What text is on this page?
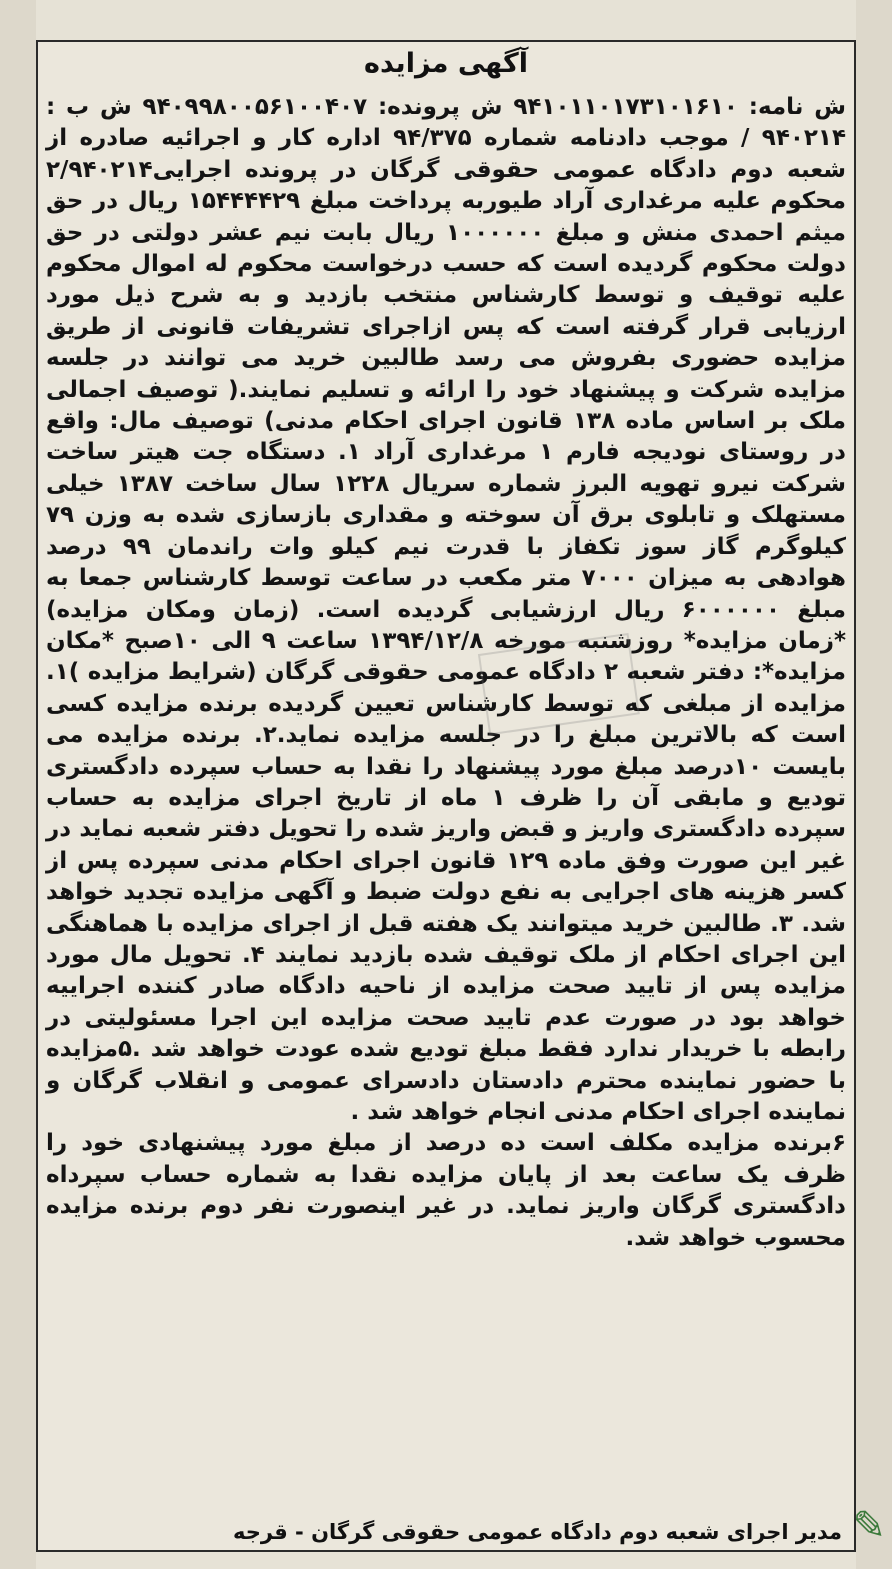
آگهی مزایده

ش نامه: ۹۴۱۰۱۱۰۱۷۳۱۰۱۶۱۰ ش پرونده: ۹۴۰۹۹۸۰۰۵۶۱۰۰۴۰۷ ش ب : ۹۴۰۲۱۴ / موجب دادنامه شماره ۹۴/۳۷۵ اداره کار و اجرائیه صادره از شعبه دوم دادگاه عمومی حقوقی گرگان در پرونده اجرایی۲/۹۴۰۲۱۴ محکوم علیه مرغداری آراد طیوربه پرداخت مبلغ ۱۵۴۴۴۴۲۹ ریال در حق میثم احمدی منش و مبلغ ۱۰۰۰۰۰۰ ریال بابت نیم عشر دولتی در حق دولت محکوم گردیده است که حسب درخواست محکوم له اموال محکوم علیه توقیف و توسط کارشناس منتخب بازدید و به شرح ذیل مورد ارزیابی قرار گرفته است که پس ازاجرای تشریفات قانونی از طریق مزایده حضوری بفروش می رسد طالبین خرید می توانند در جلسه مزایده شرکت و پیشنهاد خود را ارائه و تسلیم نمایند.( توصیف اجمالی ملک بر اساس ماده ۱۳۸ قانون اجرای احکام مدنی) توصیف مال: واقع در روستای نودیجه فارم ۱ مرغداری آراد ۱. دستگاه جت هیتر ساخت شرکت نیرو تهویه البرز شماره سریال ۱۲۲۸ سال ساخت ۱۳۸۷ خیلی مستهلک و تابلوی برق آن سوخته و مقداری بازسازی شده به وزن ۷۹ کیلوگرم گاز سوز تکفاز با قدرت نیم کیلو وات راندمان ۹۹ درصد هوادهی به میزان ۷۰۰۰ متر مکعب در ساعت توسط کارشناس جمعا به مبلغ ۶۰۰۰۰۰۰ ریال ارزشیابی گردیده است. (زمان ومکان مزایده) *زمان مزایده* روزشنبه مورخه ۱۳۹۴/۱۲/۸ ساعت ۹ الی ۱۰صبح *مکان مزایده*: دفتر شعبه ۲ دادگاه عمومی حقوقی گرگان (شرایط مزایده )۱. مزایده از مبلغی که توسط کارشناس تعیین گردیده برنده مزایده کسی است که بالاترین مبلغ را در جلسه مزایده نماید.۲. برنده مزایده می بایست ۱۰درصد مبلغ مورد پیشنهاد را نقدا به حساب سپرده دادگستری تودیع و مابقی آن را ظرف ۱ ماه از تاریخ اجرای مزایده به حساب سپرده دادگستری واریز و قبض واریز شده را تحویل دفتر شعبه نماید در غیر این صورت وفق ماده ۱۲۹ قانون اجرای احکام مدنی سپرده پس از کسر هزینه های اجرایی به نفع دولت ضبط و آگهی مزایده تجدید خواهد شد. ۳. طالبین خرید میتوانند یک هفته قبل از اجرای مزایده با هماهنگی این اجرای احکام از ملک توقیف شده بازدید نمایند ۴. تحویل مال مورد مزایده پس از تایید صحت مزایده از ناحیه دادگاه صادر کننده اجراییه خواهد بود در صورت عدم تایید صحت مزایده این اجرا مسئولیتی در رابطه با خریدار ندارد فقط مبلغ تودیع شده عودت خواهد شد .۵مزایده با حضور نماینده محترم دادستان دادسرای عمومی و انقلاب گرگان و نماینده اجرای احکام مدنی انجام خواهد شد .

۶برنده مزایده مکلف است ده درصد از مبلغ مورد پیشنهادی خود را ظرف یک ساعت بعد از پایان مزایده نقدا به شماره حساب سپرداه دادگستری گرگان واریز نماید. در غیر اینصورت نفر دوم برنده مزایده محسوب خواهد شد.

مدیر اجرای شعبه دوم دادگاه عمومی حقوقی گرگان - قرجه ✎
